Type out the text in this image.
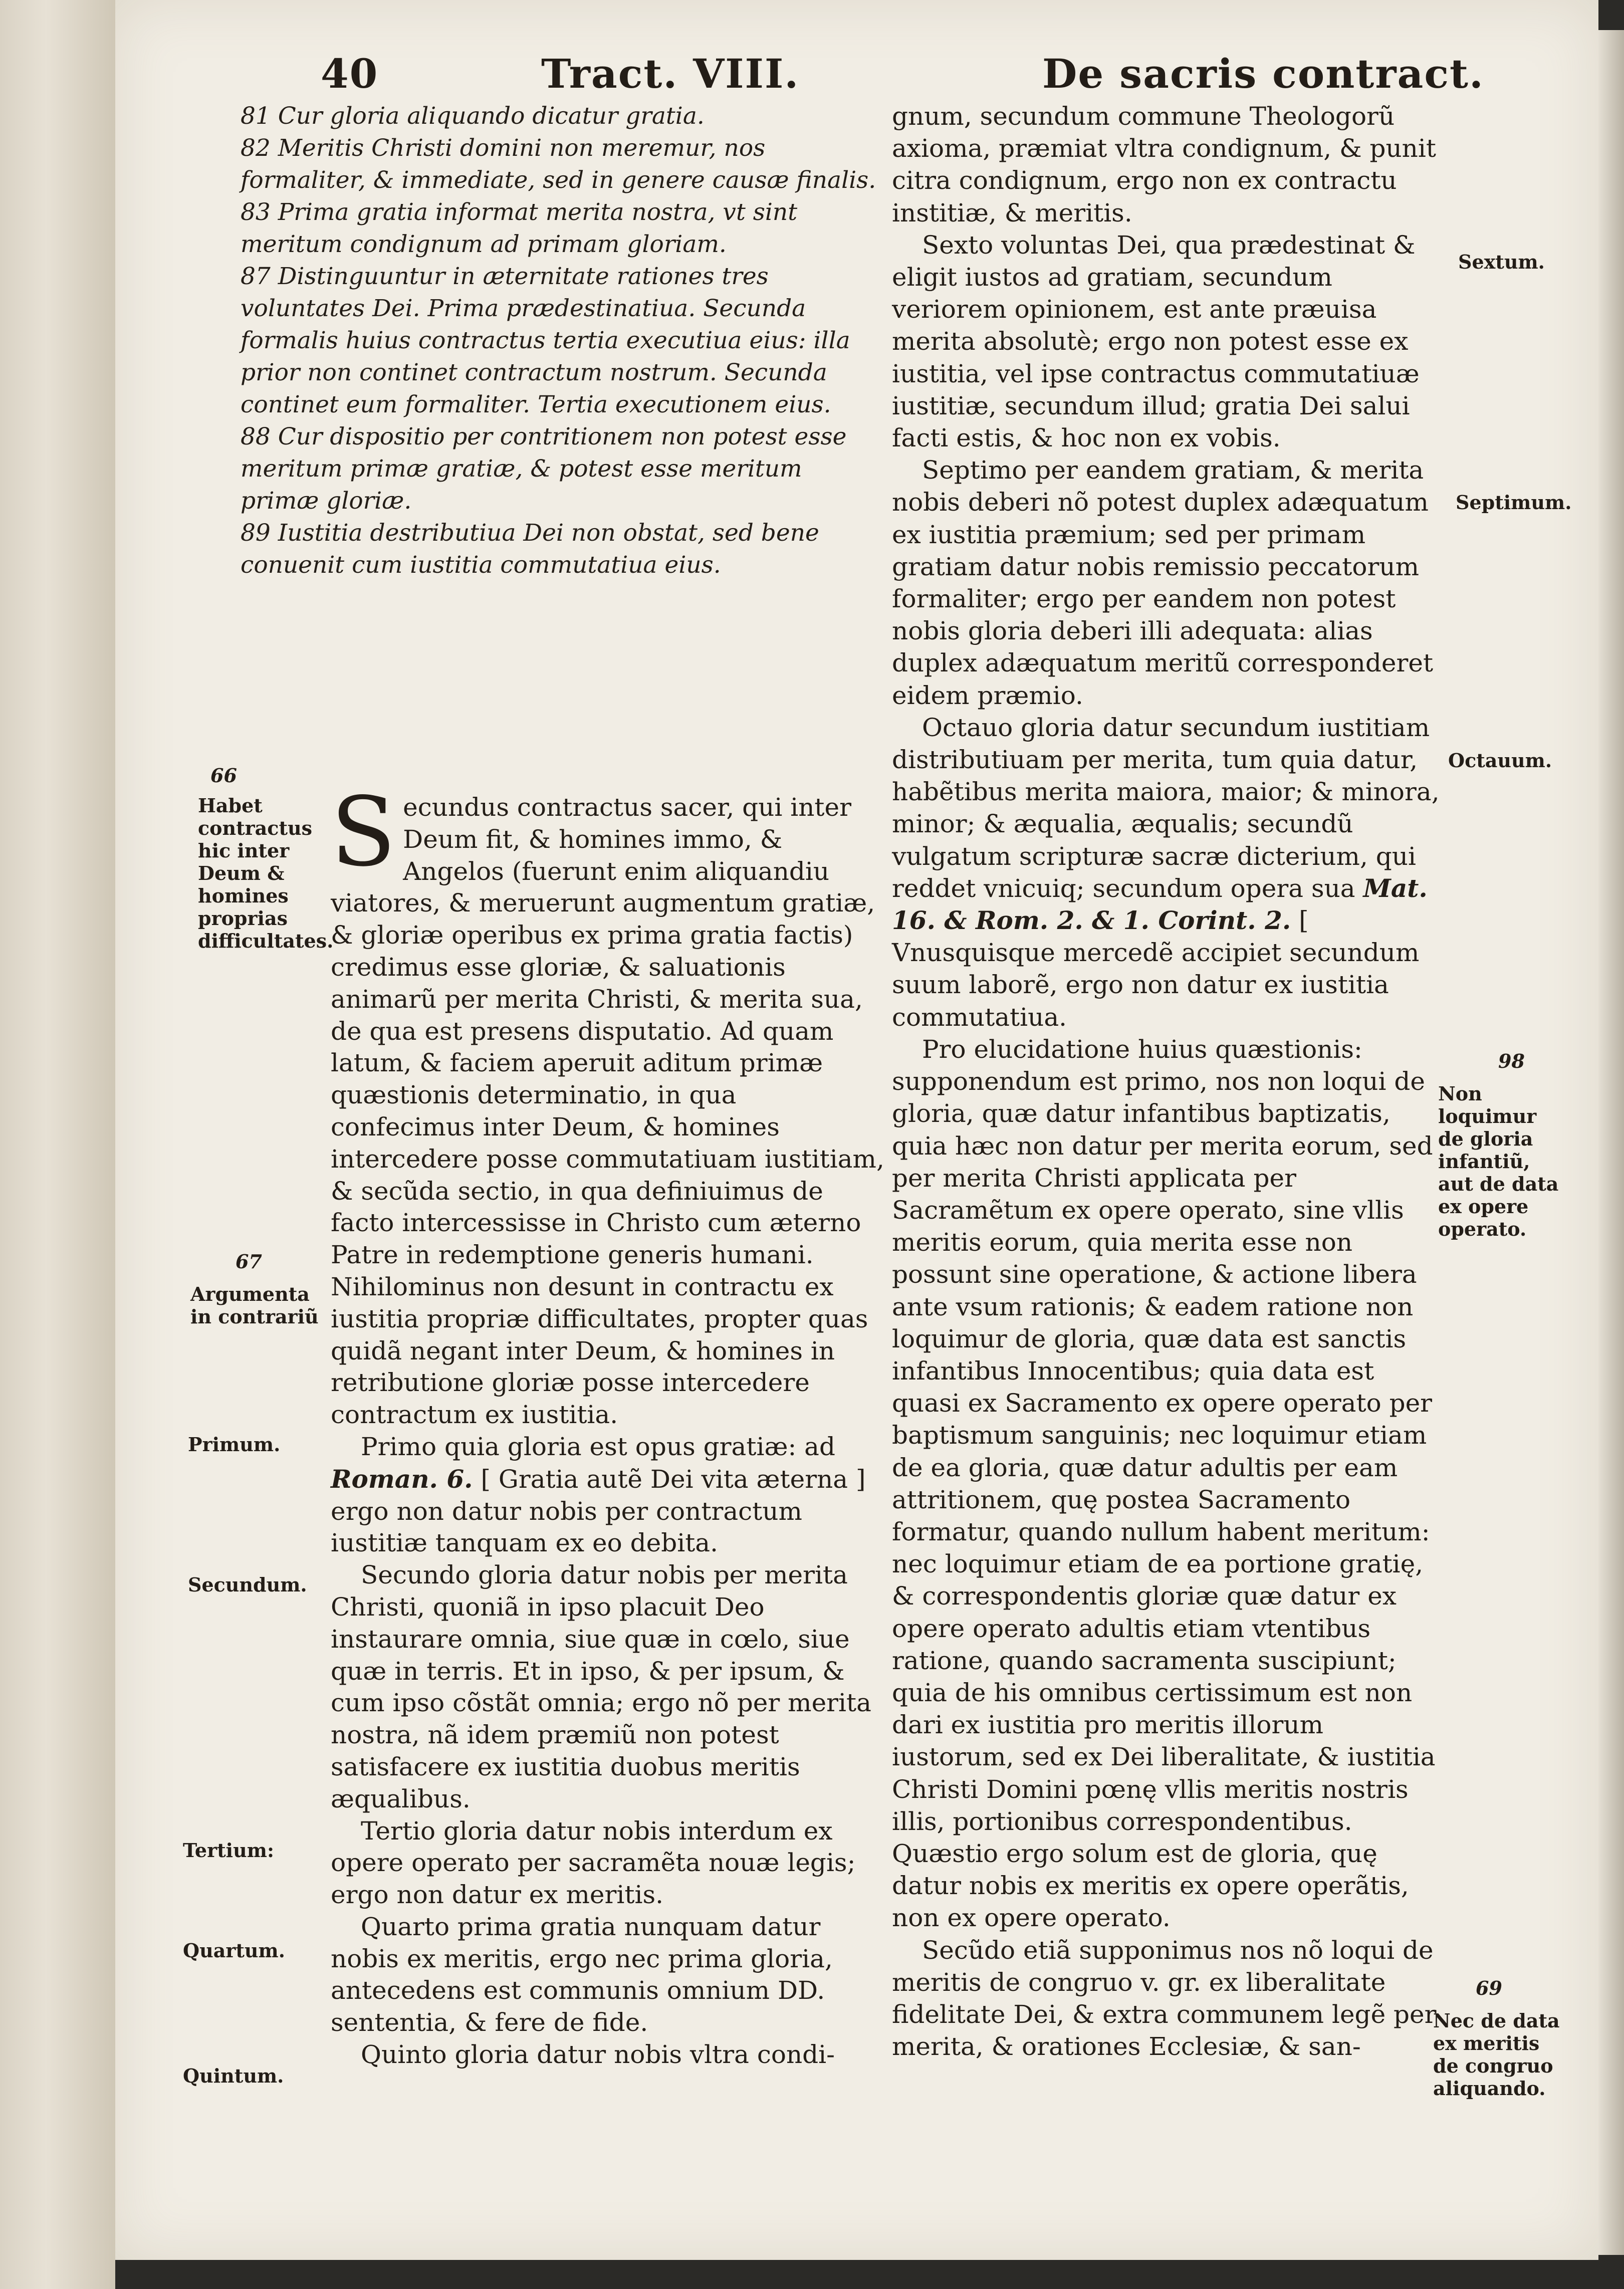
40	Tract. VIII.	De sacris contract.

81 Cur gloria aliquando dicatur gratia.

82 Meritis Christi domini non meremur, nos formaliter, & immediate, sed in genere causæ finalis.

83 Prima gratia informat merita nostra, vt sint meritum condignum ad primam gloriam.

87 Distinguuntur in æternitate rationes tres voluntates Dei. Prima prædestinatiua. Secunda formalis huius contractus tertia executiua eius: illa prior non continet contractum nostrum. Secunda continet eum formaliter. Tertia executionem eius.

88 Cur dispositio per contritionem non potest esse meritum primæ gratiæ, & potest esse meritum primæ gloriæ.

89 Iustitia destributiua Dei non obstat, sed bene conuenit cum iustitia commutatiua eius.

66
Habet contractus hic inter Deum & homines proprias difficultates.
67
Argumenta in contrariũ
Primum.
Secundum.
Tertium:
Quartum.
Quintum.
Sextum.
Septimum.
Octauum.
98
Non loquimur de gloria infantiũ, aut de data ex opere operato.
69
Nec de data ex meritis de congruo aliquando.

Secundus contractus sacer, qui inter Deum fit, & homines immo, & Angelos (fuerunt enim aliquandiu viatores, & meruerunt augmentum gratiæ, & gloriæ operibus ex prima gratia factis) credimus esse gloriæ, & saluationis animarũ per merita Christi, & merita sua, de qua est presens disputatio. Ad quam latum, & faciem aperuit aditum primæ quæstionis determinatio, in qua confecimus inter Deum, & homines intercedere posse commutatiuam iustitiam, & secũda sectio, in qua definiuimus de facto intercessisse in Christo cum æterno Patre in redemptione generis humani. Nihilominus non desunt in contractu ex iustitia propriæ difficultates, propter quas quidã negant inter Deum, & homines in retributione gloriæ posse intercedere contractum ex iustitia.

Primo quia gloria est opus gratiæ: ad Roman. 6. [ Gratia autẽ Dei vita æterna ] ergo non datur nobis per contractum iustitiæ tanquam ex eo debita.

Secundo gloria datur nobis per merita Christi, quoniã in ipso placuit Deo instaurare omnia, siue quæ in cœlo, siue quæ in terris. Et in ipso, & per ipsum, & cum ipso cõstãt omnia; ergo nõ per merita nostra, nã idem præmiũ non potest satisfacere ex iustitia duobus meritis æqualibus.

Tertio gloria datur nobis interdum ex opere operato per sacramẽta nouæ legis; ergo non datur ex meritis.

Quarto prima gratia nunquam datur nobis ex meritis, ergo nec prima gloria, antecedens est communis omnium DD. sententia, & fere de fide.

Quinto gloria datur nobis vltra condi-

gnum, secundum commune Theologorũ axioma, præmiat vltra condignum, & punit citra condignum, ergo non ex contractu institiæ, & meritis.

Sexto voluntas Dei, qua prædestinat & eligit iustos ad gratiam, secundum veriorem opinionem, est ante præuisa merita absolutè; ergo non potest esse ex iustitia, vel ipse contractus commutatiuæ iustitiæ, secundum illud; gratia Dei salui facti estis, & hoc non ex vobis.

Septimo per eandem gratiam, & merita nobis deberi nõ potest duplex adæquatum ex iustitia præmium; sed per primam gratiam datur nobis remissio peccatorum formaliter; ergo per eandem non potest nobis gloria deberi illi adequata: alias duplex adæquatum meritũ corresponderet eidem præmio.

Octauo gloria datur secundum iustitiam distributiuam per merita, tum quia datur, habẽtibus merita maiora, maior; & minora, minor; & æqualia, æqualis; secundũ vulgatum scripturæ sacræ dicterium, qui reddet vnicuiq; secundum opera sua Mat. 16. & Rom. 2. & 1. Corint. 2. [ Vnusquisque mercedẽ accipiet secundum suum laborẽ, ergo non datur ex iustitia commutatiua.

Pro elucidatione huius quæstionis: supponendum est primo, nos non loqui de gloria, quæ datur infantibus baptizatis, quia hæc non datur per merita eorum, sed per merita Christi applicata per Sacramẽtum ex opere operato, sine vllis meritis eorum, quia merita esse non possunt sine operatione, & actione libera ante vsum rationis; & eadem ratione non loquimur de gloria, quæ data est sanctis infantibus Innocentibus; quia data est quasi ex Sacramento ex opere operato per baptismum sanguinis; nec loquimur etiam de ea gloria, quæ datur adultis per eam attritionem, quę postea Sacramento formatur, quando nullum habent meritum: nec loquimur etiam de ea portione gratię, & correspondentis gloriæ quæ datur ex opere operato adultis etiam vtentibus ratione, quando sacramenta suscipiunt; quia de his omnibus certissimum est non dari ex iustitia pro meritis illorum iustorum, sed ex Dei liberalitate, & iustitia Christi Domini pœnę vllis meritis nostris illis, portionibus correspondentibus. Quæstio ergo solum est de gloria, quę datur nobis ex meritis ex opere operãtis, non ex opere operato.

Secũdo etiã supponimus nos nõ loqui de meritis de congruo v. gr. ex liberalitate fidelitate Dei, & extra communem legẽ per merita, & orationes Ecclesiæ, & san-
